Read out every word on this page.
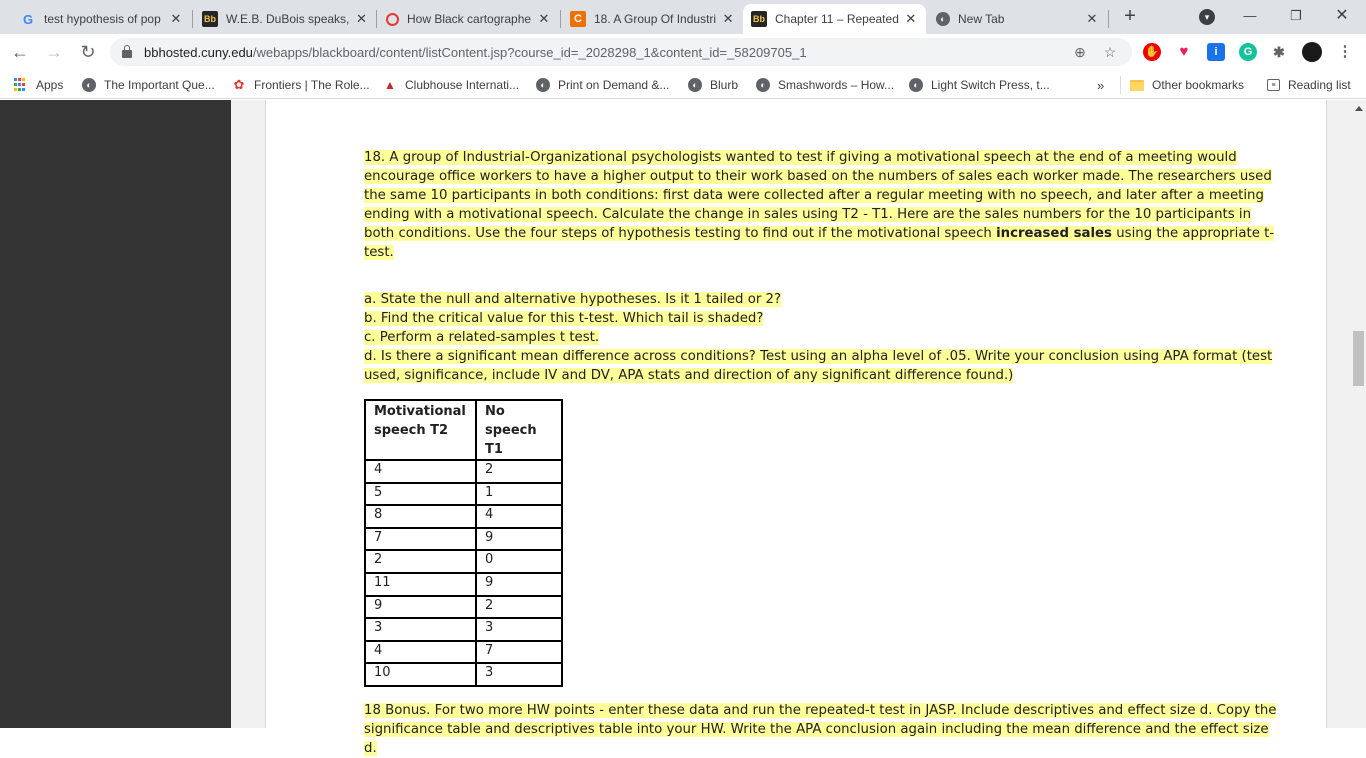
G test hypothesis of pop ✕	Bb W.E.B. DuBois speaks, ✕	How Black cartographe ✕	C	18. A Group Of Industri ✕ Bb Chapter 11 – Repeated ✕	◐	New Tab	✕	+	▾	—	❐	✕
← → ↻	bbhosted.cuny.edu/webapps/blackboard/content/listContent.jsp?course_id=_2028298_1&content_id=_58209705_1	⊕ ☆	✋	♥	i	G	✱	⋮
Apps	◐	The Important Que... ✿ Frontiers | The Role... ▲ Clubhouse Internati...	◐	Print on Demand &...	◐	Blurb	◐	Smashwords – How...	◐	Light Switch Press, t...	»	Other bookmarks	≡	Reading list
18. A group of Industrial-Organizational psychologists wanted to test if giving a motivational speech at the end of a meeting would encourage office workers to have a higher output to their work based on the numbers of sales each worker made. The researchers used the same 10 participants in both conditions: first data were collected after a regular meeting with no speech, and later after a meeting ending with a motivational speech. Calculate the change in sales using T2 - T1. Here are the sales numbers for the 10 participants in both conditions. Use the four steps of hypothesis testing to find out if the motivational speech increased sales using the appropriate t-test.
a. State the null and alternative hypotheses. Is it 1 tailed or 2?
b. Find the critical value for this t-test. Which tail is shaded?
c. Perform a related-samples t test.
d. Is there a significant mean difference across conditions? Test using an alpha level of .05. Write your conclusion using APA format (test used, significance, include IV and DV, APA stats and direction of any significant difference found.)
Motivational speech T2	No speech T1
4	2
5	1
8	4
7	9
2	0
11	9
9	2
3	3
4	7
10	3
18 Bonus. For two more HW points - enter these data and run the repeated-t test in JASP. Include descriptives and effect size d. Copy the significance table and descriptives table into your HW. Write the APA conclusion again including the mean difference and the effect size d.
